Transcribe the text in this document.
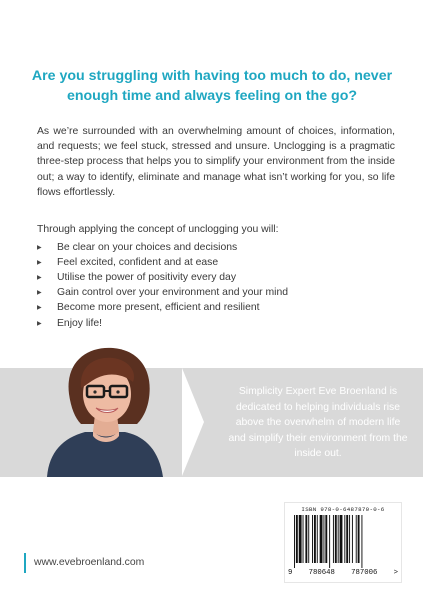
Are you struggling with having too much to do, never enough time and always feeling on the go?
As we’re surrounded with an overwhelming amount of choices, information, and requests; we feel stuck, stressed and unsure. Unclogging is a pragmatic three-step process that helps you to simplify your environment from the inside out; a way to identify, eliminate and manage what isn’t working for you, so life flows effortlessly.
Through applying the concept of unclogging you will:
▶	Be clear on your choices and decisions
▶	Feel excited, confident and at ease
▶	Utilise the power of positivity every day
▶	Gain control over your environment and your mind
▶	Become more present, efficient and resilient
▶	Enjoy life!
Simplicity Expert Eve Broenland is dedicated to helping individuals rise above the overwhelm of modern life and simplify their environment from the inside out.
www.evebroenland.com
ISBN 978-0-6487870-0-6
9 780648 787006 >
